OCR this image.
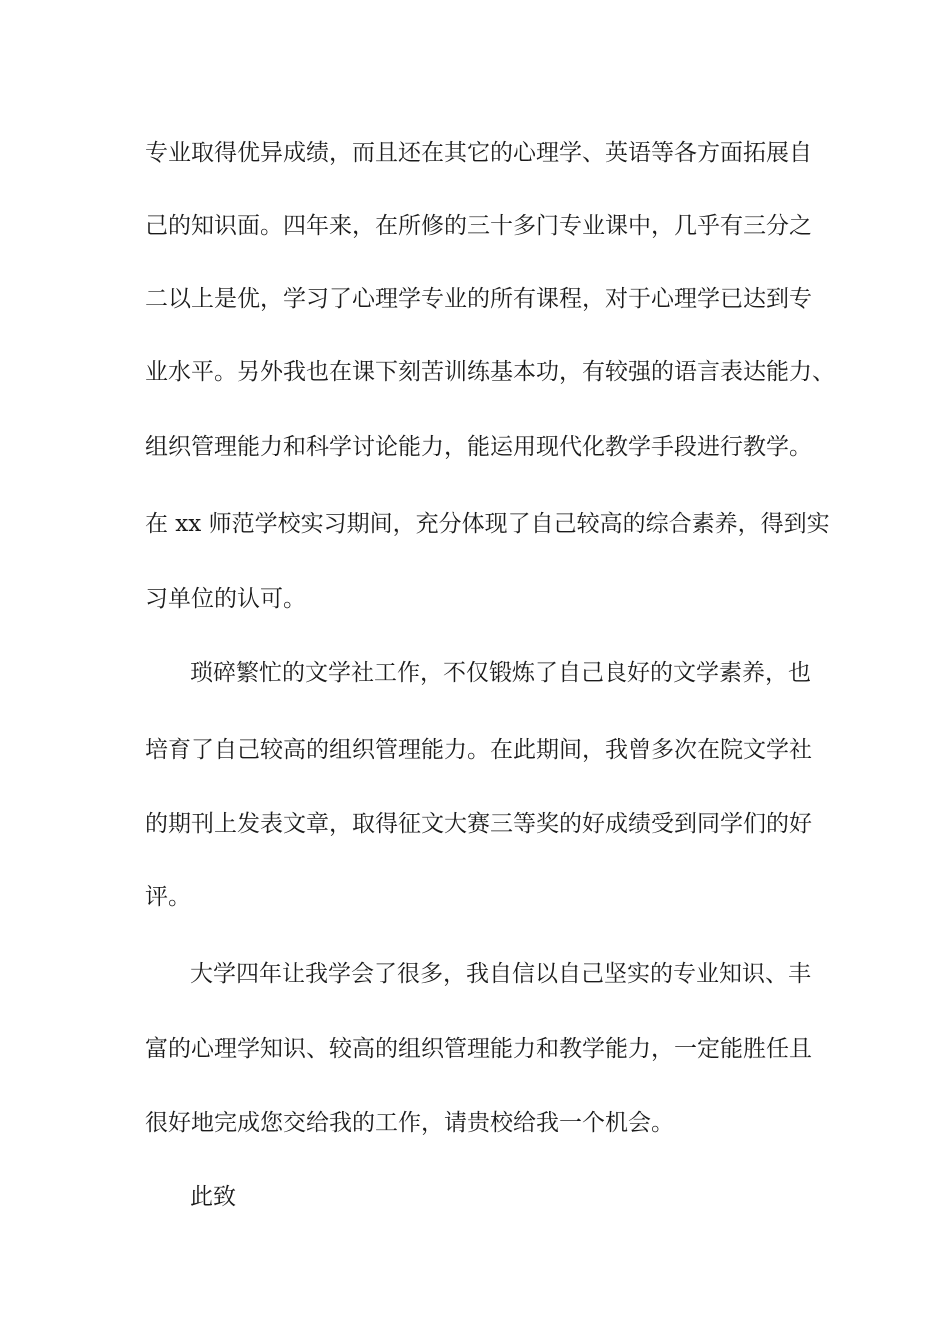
专业取得优异成绩，而且还在其它的心理学、英语等各方面拓展自

己的知识面。四年来，在所修的三十多门专业课中，几乎有三分之

二以上是优，学习了心理学专业的所有课程，对于心理学已达到专

业水平。另外我也在课下刻苦训练基本功，有较强的语言表达能力、

组织管理能力和科学讨论能力，能运用现代化教学手段进行教学。

在 xx 师范学校实习期间，充分体现了自己较高的综合素养，得到实

习单位的认可。

琐碎繁忙的文学社工作，不仅锻炼了自己良好的文学素养，也

培育了自己较高的组织管理能力。在此期间，我曾多次在院文学社

的期刊上发表文章，取得征文大赛三等奖的好成绩受到同学们的好

评。

大学四年让我学会了很多，我自信以自己坚实的专业知识、丰

富的心理学知识、较高的组织管理能力和教学能力，一定能胜任且

很好地完成您交给我的工作，请贵校给我一个机会。

此致
